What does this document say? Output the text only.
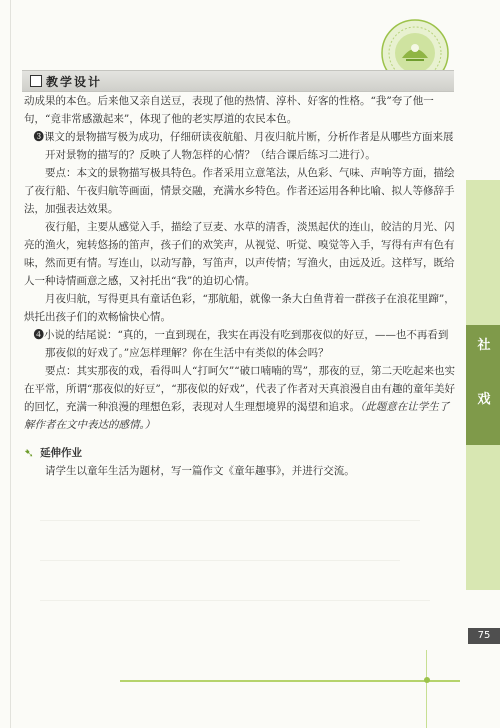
教学设计

动成果的本色。后来他又亲自送豆，表现了他的热情、淳朴、好客的性格。“我”夸了他一句，“竟非常感激起来”，体现了他的老实厚道的农民本色。

❸课文的景物描写极为成功，仔细研读夜航船、月夜归航片断，分析作者是从哪些方面来展开对景物的描写的？反映了人物怎样的心情？（结合课后练习二进行）。

要点：本文的景物描写极具特色。作者采用立意笔法，从色彩、气味、声响等方面，描绘了夜行船、午夜归航等画面，情景交融，充满水乡特色。作者还运用各种比喻、拟人等修辞手法，加强表达效果。

夜行船，主要从感觉入手，描绘了豆麦、水草的清香，淡黑起伏的连山，皎洁的月光、闪亮的渔火，宛转悠扬的笛声，孩子们的欢笑声，从视觉、听觉、嗅觉等入手，写得有声有色有味，然而更有情。写连山，以动写静，写笛声，以声传情；写渔火，由远及近。这样写，既给人一种诗情画意之感，又衬托出“我”的迫切心情。

月夜归航，写得更具有童话色彩，“那航船，就像一条大白鱼背着一群孩子在浪花里蹿”，烘托出孩子们的欢畅愉快心情。

❹小说的结尾说：“真的，一直到现在，我实在再没有吃到那夜似的好豆，——也不再看到那夜似的好戏了。”应怎样理解？你在生活中有类似的体会吗？

要点：其实那夜的戏，看得叫人“打呵欠”“破口喃喃的骂”，那夜的豆，第二天吃起来也实在平常，所谓“那夜似的好豆”，“那夜似的好戏”，代表了作者对天真浪漫自由有趣的童年美好的回忆，充满一种浪漫的理想色彩，表现对人生理想境界的渴望和追求。（此题意在让学生了解作者在文中表达的感情。）

➷ 延伸作业

请学生以童年生活为题材，写一篇作文《童年趣事》，并进行交流。

社
戏
75
